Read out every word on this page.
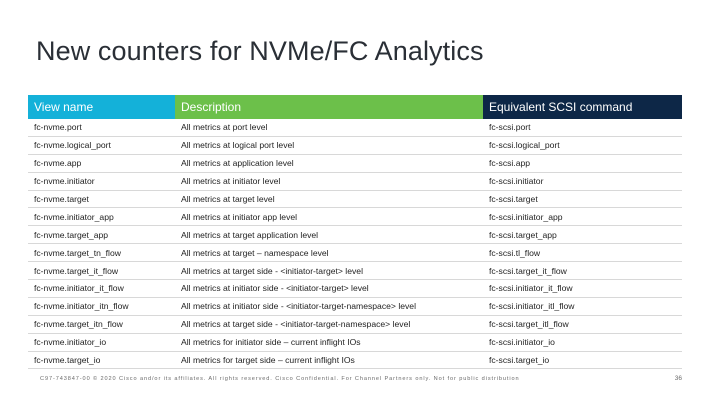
New counters for NVMe/FC Analytics
View name	Description	Equivalent SCSI command
fc-nvme.port	All metrics at port level	fc-scsi.port
fc-nvme.logical_port	All metrics at logical port level	fc-scsi.logical_port
fc-nvme.app	All metrics at application level	fc-scsi.app
fc-nvme.initiator	All metrics at initiator level	fc-scsi.initiator
fc-nvme.target	All metrics at target level	fc-scsi.target
fc-nvme.initiator_app	All metrics at initiator app level	fc-scsi.initiator_app
fc-nvme.target_app	All metrics at target application level	fc-scsi.target_app
fc-nvme.target_tn_flow	All metrics at target – namespace level	fc-scsi.tl_flow
fc-nvme.target_it_flow	All metrics at target side - <initiator-target> level	fc-scsi.target_it_flow
fc-nvme.initiator_it_flow	All metrics at initiator side - <initiator-target> level	fc-scsi.initiator_it_flow
fc-nvme.initiator_itn_flow	All metrics at initiator side - <initiator-target-namespace> level	fc-scsi.initiator_itl_flow
fc-nvme.target_itn_flow	All metrics at target side - <initiator-target-namespace> level	fc-scsi.target_itl_flow
fc-nvme.initiator_io	All metrics for initiator side – current inflight IOs	fc-scsi.initiator_io
fc-nvme.target_io	All metrics for target side – current inflight IOs	fc-scsi.target_io
C97-743847-00 © 2020 Cisco and/or its affiliates. All rights reserved. Cisco Confidential. For Channel Partners only. Not for public distribution	36
